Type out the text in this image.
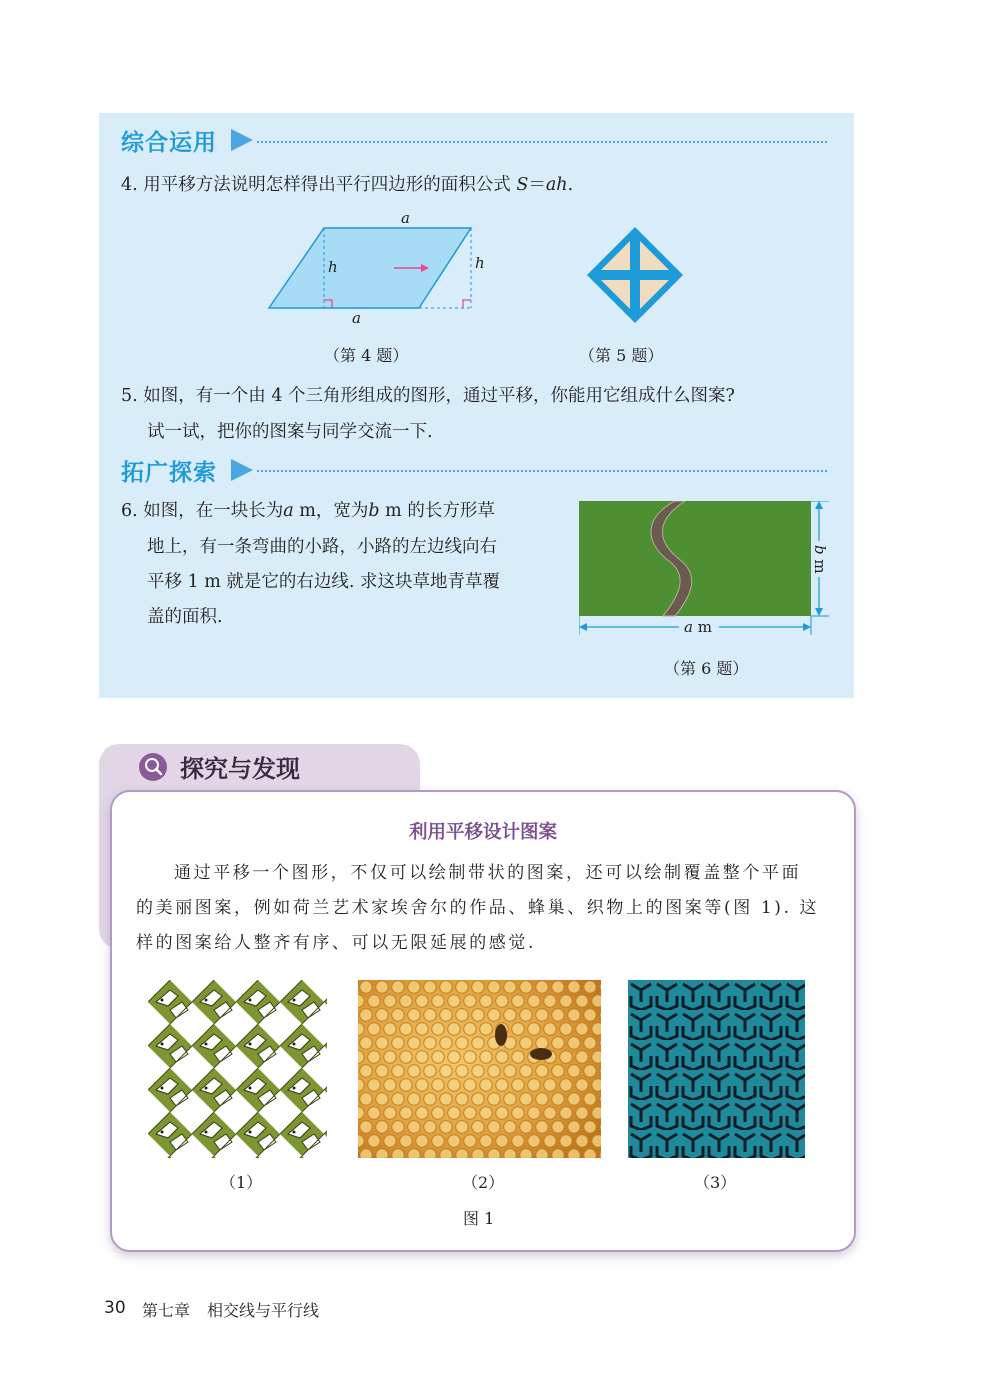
综合运用
4. 用平移方法说明怎样得出平行四边形的面积公式 S＝ah.
a
a
h	h
（第 4 题）	（第 5 题）
5. 如图，有一个由 4 个三角形组成的图形，通过平移，你能用它组成什么图案?
试一试，把你的图案与同学交流一下.
拓广探索
6. 如图，在一块长为a m，宽为b m 的长方形草
地上，有一条弯曲的小路，小路的左边线向右
平移 1 m 就是它的右边线. 求这块草地青草覆
盖的面积.	a m
b m
（第 6 题）
探究与发现
利用平移设计图案
通过平移一个图形，不仅可以绘制带状的图案，还可以绘制覆盖整个平面
的美丽图案，例如荷兰艺术家埃舍尔的作品、蜂巢、织物上的图案等(图 1). 这
样的图案给人整齐有序、可以无限延展的感觉.
（1）	（2）	（3）
图 1
30 第七章 相交线与平行线
